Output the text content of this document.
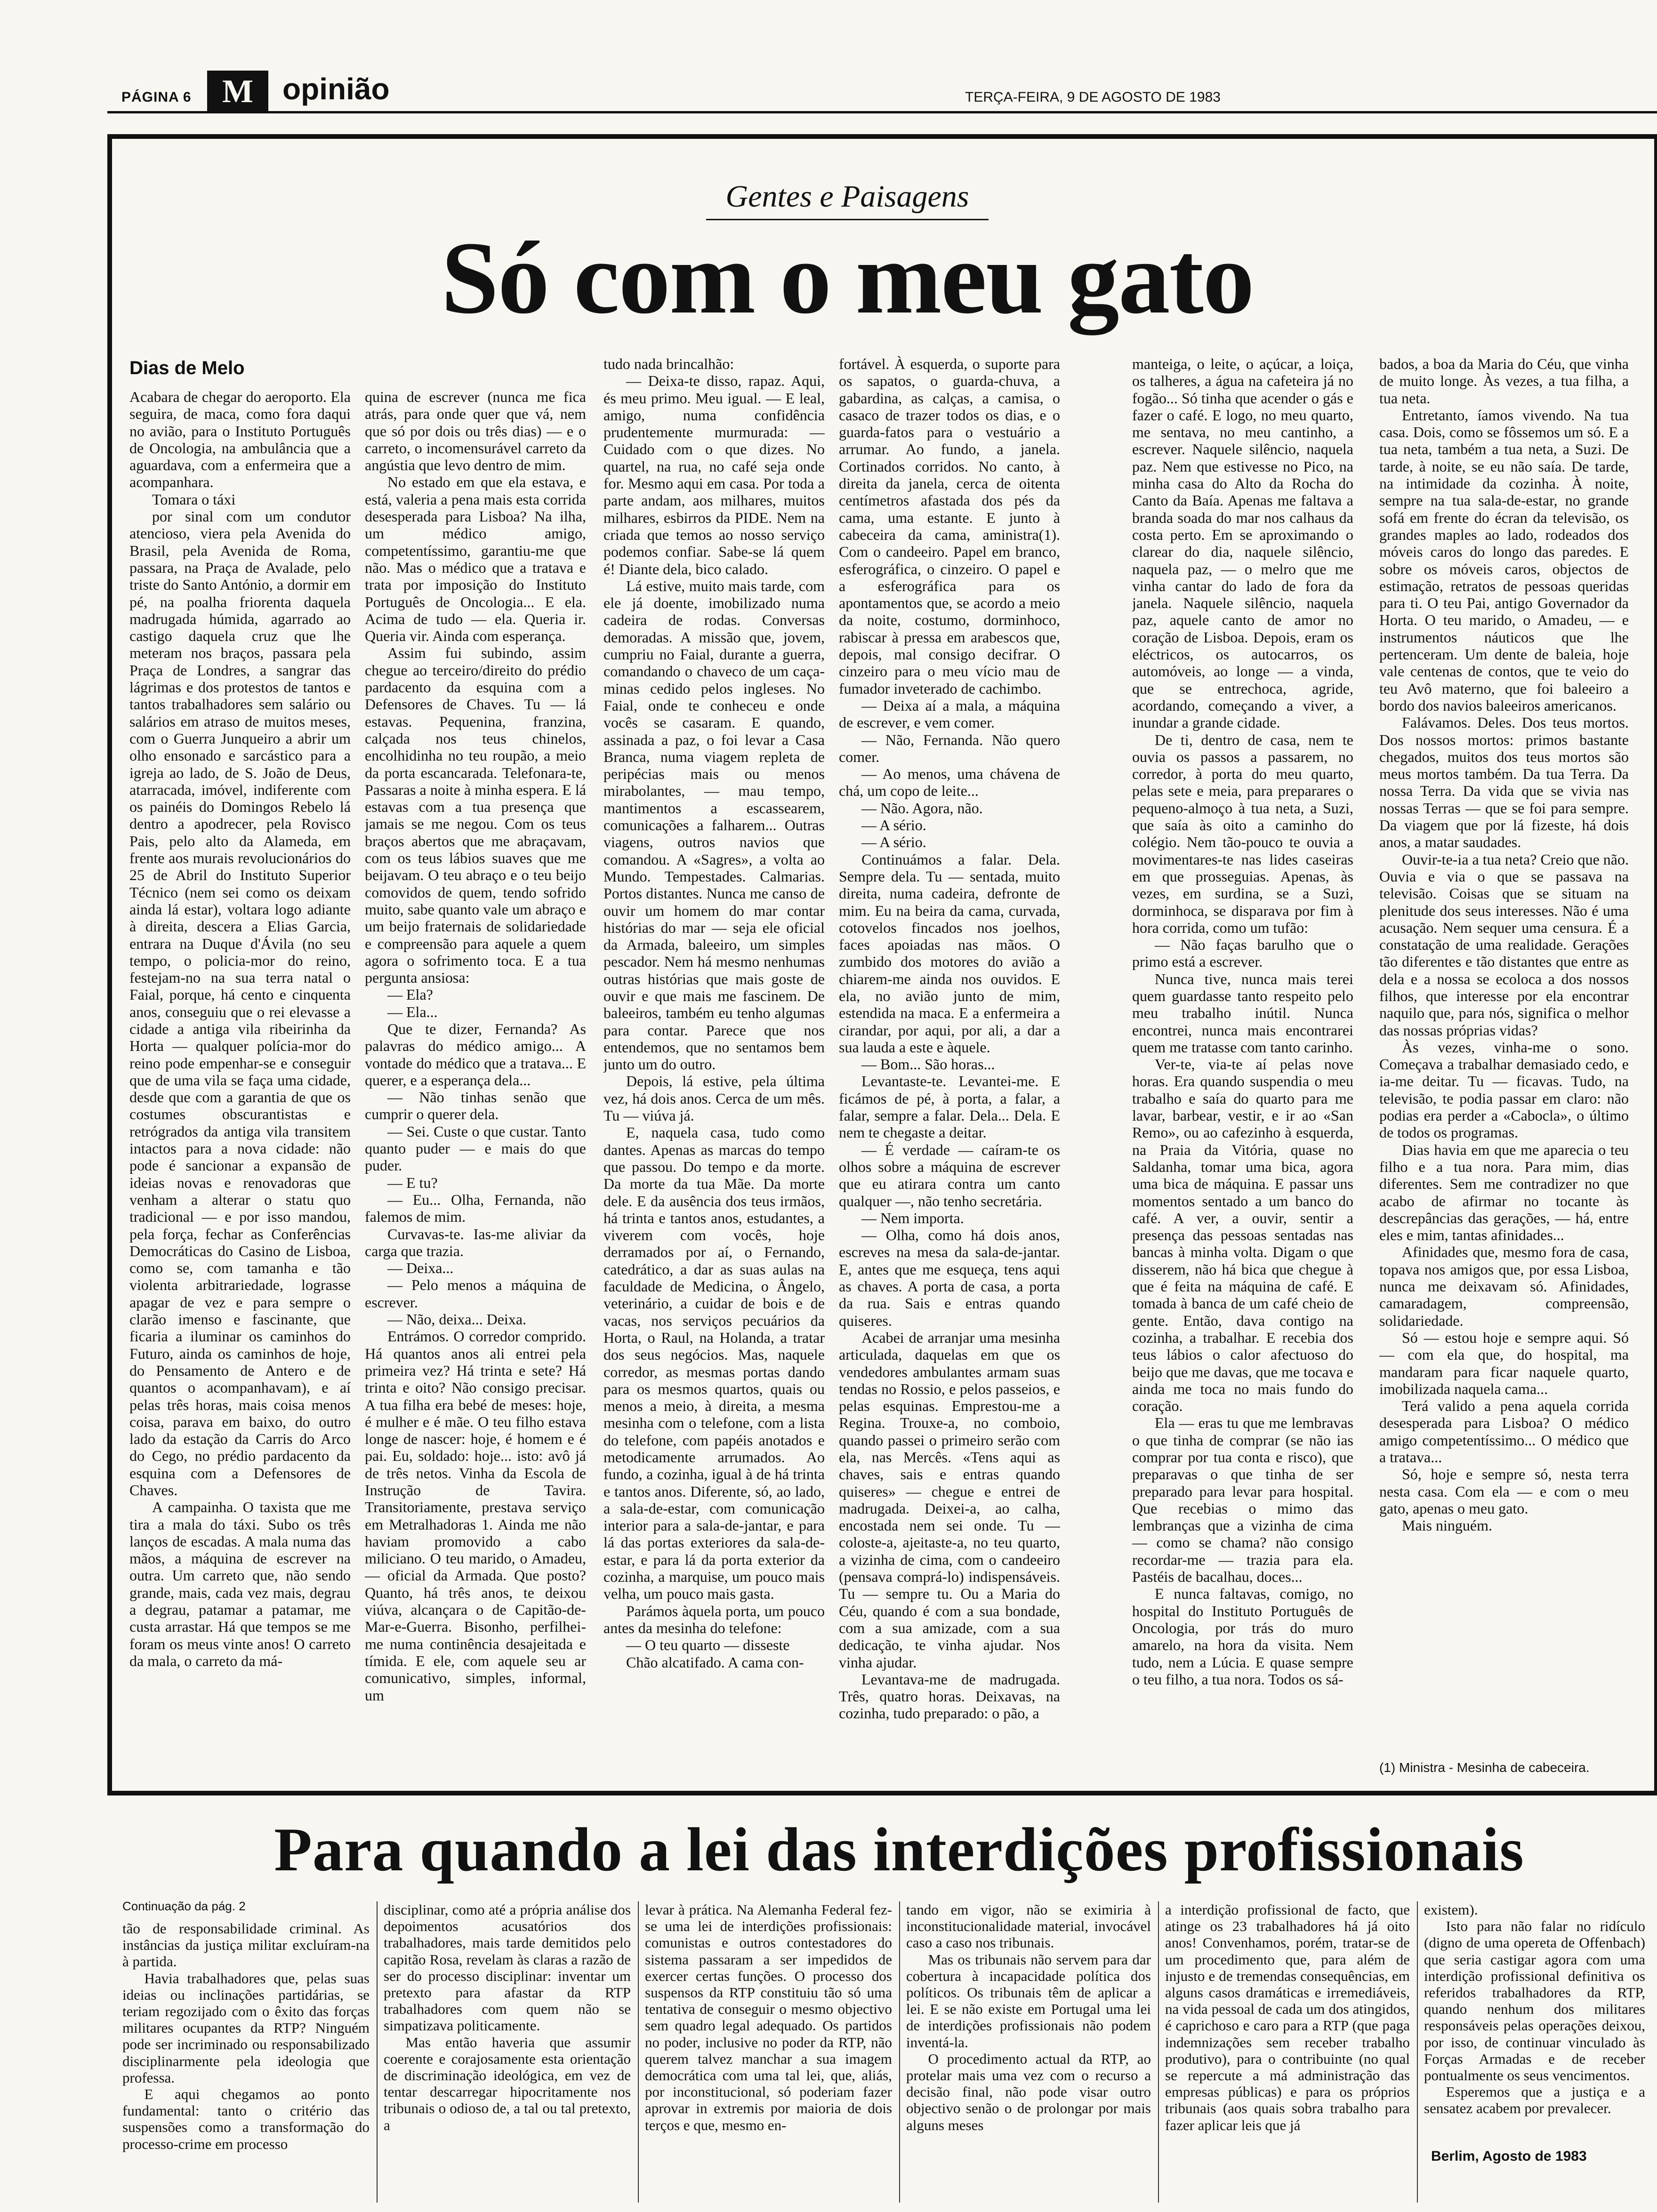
PÁGINA 6 M opinião	TERÇA-FEIRA, 9 DE AGOSTO DE 1983
Gentes e Paisagens
Só com o meu gato
Dias de Melo

Acabara de chegar do aeroporto. Ela seguira, de maca, como fora daqui no avião, para o Instituto Português de Oncologia, na ambulância que a aguardava, com a enfermeira que a acompanhara.

Tomara o táxi

por sinal com um condutor atencioso, viera pela Avenida do Brasil, pela Avenida de Roma, passara, na Praça de Avalade, pelo triste do Santo António, a dormir em pé, na poalha friorenta daquela madrugada húmida, agarrado ao castigo daquela cruz que lhe meteram nos braços, passara pela Praça de Londres, a sangrar das lágrimas e dos protestos de tantos e tantos trabalhadores sem salário ou salários em atraso de muitos meses, com o Guerra Junqueiro a abrir um olho ensonado e sarcástico para a igreja ao lado, de S. João de Deus, atarracada, imóvel, indiferente com os painéis do Domingos Rebelo lá dentro a apodrecer, pela Rovisco Pais, pelo alto da Alameda, em frente aos murais revolucionários do 25 de Abril do Instituto Superior Técnico (nem sei como os deixam ainda lá estar), voltara logo adiante à direita, descera a Elias Garcia, entrara na Duque d'Ávila (no seu tempo, o policia-mor do reino, festejam-no na sua terra natal o Faial, porque, há cento e cinquenta anos, conseguiu que o rei elevasse a cidade a antiga vila ribeirinha da Horta — qualquer polícia-mor do reino pode empenhar-se e conseguir que de uma vila se faça uma cidade, desde que com a garantia de que os costumes obscurantistas e retrógrados da antiga vila transitem intactos para a nova cidade: não pode é sancionar a expansão de ideias novas e renovadoras que venham a alterar o statu quo tradicional — e por isso mandou, pela força, fechar as Conferências Democráticas do Casino de Lisboa, como se, com tamanha e tão violenta arbitrariedade, lograsse apagar de vez e para sempre o clarão imenso e fascinante, que ficaria a iluminar os caminhos do Futuro, ainda os caminhos de hoje, do Pensamento de Antero e de quantos o acompanhavam), e aí pelas três horas, mais coisa menos coisa, parava em baixo, do outro lado da estação da Carris do Arco do Cego, no prédio pardacento da esquina com a Defensores de Chaves.

A campainha. O taxista que me tira a mala do táxi. Subo os três lanços de escadas. A mala numa das mãos, a máquina de escrever na outra. Um carreto que, não sendo grande, mais, cada vez mais, degrau a degrau, patamar a patamar, me custa arrastar. Há que tempos se me foram os meus vinte anos! O carreto da mala, o carreto da má-

quina de escrever (nunca me fica atrás, para onde quer que vá, nem que só por dois ou três dias) — e o carreto, o incomensurável carreto da angústia que levo dentro de mim.

No estado em que ela estava, e está, valeria a pena mais esta corrida desesperada para Lisboa? Na ilha, um médico amigo, competentíssimo, garantiu-me que não. Mas o médico que a tratava e trata por imposição do Instituto Português de Oncologia... E ela. Acima de tudo — ela. Queria ir. Queria vir. Ainda com esperança.

Assim fui subindo, assim chegue ao terceiro/direito do prédio pardacento da esquina com a Defensores de Chaves. Tu — lá estavas. Pequenina, franzina, calçada nos teus chinelos, encolhidinha no teu roupão, a meio da porta escancarada. Telefonara-te, Passaras a noite à minha espera. E lá estavas com a tua presença que jamais se me negou. Com os teus braços abertos que me abraçavam, com os teus lábios suaves que me beijavam. O teu abraço e o teu beijo comovidos de quem, tendo sofrido muito, sabe quanto vale um abraço e um beijo fraternais de solidariedade e compreensão para aquele a quem agora o sofrimento toca. E a tua pergunta ansiosa:

— Ela?

— Ela...

Que te dizer, Fernanda? As palavras do médico amigo... A vontade do médico que a tratava... E querer, e a esperança dela...

— Não tinhas senão que cumprir o querer dela.

— Sei. Custe o que custar. Tanto quanto puder — e mais do que puder.

— E tu?

— Eu... Olha, Fernanda, não falemos de mim.

Curvavas-te. Ias-me aliviar da carga que trazia.

— Deixa...

— Pelo menos a máquina de escrever.

— Não, deixa... Deixa.

Entrámos. O corredor comprido. Há quantos anos ali entrei pela primeira vez? Há trinta e sete? Há trinta e oito? Não consigo precisar. A tua filha era bebé de meses: hoje, é mulher e é mãe. O teu filho estava longe de nascer: hoje, é homem e é pai. Eu, soldado: hoje... isto: avô já de três netos. Vinha da Escola de Instrução de Tavira. Transitoriamente, prestava serviço em Metralhadoras 1. Ainda me não haviam promovido a cabo miliciano. O teu marido, o Amadeu, — oficial da Armada. Que posto? Quanto, há três anos, te deixou viúva, alcançara o de Capitão-de-Mar-e-Guerra. Bisonho, perfilhei-me numa continência desajeitada e tímida. E ele, com aquele seu ar comunicativo, simples, informal, um

tudo nada brincalhão:

— Deixa-te disso, rapaz. Aqui, és meu primo. Meu igual. — E leal, amigo, numa confidência prudentemente murmurada: — Cuidado com o que dizes. No quartel, na rua, no café seja onde for. Mesmo aqui em casa. Por toda a parte andam, aos milhares, muitos milhares, esbirros da PIDE. Nem na criada que temos ao nosso serviço podemos confiar. Sabe-se lá quem é! Diante dela, bico calado.

Lá estive, muito mais tarde, com ele já doente, imobilizado numa cadeira de rodas. Conversas demoradas. A missão que, jovem, cumpriu no Faial, durante a guerra, comandando o chaveco de um caça-minas cedido pelos ingleses. No Faial, onde te conheceu e onde vocês se casaram. E quando, assinada a paz, o foi levar a Casa Branca, numa viagem repleta de peripécias mais ou menos mirabolantes, — mau tempo, mantimentos a escassearem, comunicações a falharem... Outras viagens, outros navios que comandou. A «Sagres», a volta ao Mundo. Tempestades. Calmarias. Portos distantes. Nunca me canso de ouvir um homem do mar contar histórias do mar — seja ele oficial da Armada, baleeiro, um simples pescador. Nem há mesmo nenhumas outras histórias que mais goste de ouvir e que mais me fascinem. De baleeiros, também eu tenho algumas para contar. Parece que nos entendemos, que no sentamos bem junto um do outro.

Depois, lá estive, pela última vez, há dois anos. Cerca de um mês. Tu — viúva já.

E, naquela casa, tudo como dantes. Apenas as marcas do tempo que passou. Do tempo e da morte. Da morte da tua Mãe. Da morte dele. E da ausência dos teus irmãos, há trinta e tantos anos, estudantes, a viverem com vocês, hoje derramados por aí, o Fernando, catedrático, a dar as suas aulas na faculdade de Medicina, o Ângelo, veterinário, a cuidar de bois e de vacas, nos serviços pecuários da Horta, o Raul, na Holanda, a tratar dos seus negócios. Mas, naquele corredor, as mesmas portas dando para os mesmos quartos, quais ou menos a meio, à direita, a mesma mesinha com o telefone, com a lista do telefone, com papéis anotados e metodicamente arrumados. Ao fundo, a cozinha, igual à de há trinta e tantos anos. Diferente, só, ao lado, a sala-de-estar, com comunicação interior para a sala-de-jantar, e para lá das portas exteriores da sala-de-estar, e para lá da porta exterior da cozinha, a marquise, um pouco mais velha, um pouco mais gasta.

Parámos àquela porta, um pouco antes da mesinha do telefone:

— O teu quarto — disseste

Chão alcatifado. A cama con-

fortável. À esquerda, o suporte para os sapatos, o guarda-chuva, a gabardina, as calças, a camisa, o casaco de trazer todos os dias, e o guarda-fatos para o vestuário a arrumar. Ao fundo, a janela. Cortinados corridos. No canto, à direita da janela, cerca de oitenta centímetros afastada dos pés da cama, uma estante. E junto à cabeceira da cama, aministra(1). Com o candeeiro. Papel em branco, esferográfica, o cinzeiro. O papel e a esferográfica para os apontamentos que, se acordo a meio da noite, costumo, dorminhoco, rabiscar à pressa em arabescos que, depois, mal consigo decifrar. O cinzeiro para o meu vício mau de fumador inveterado de cachimbo.

— Deixa aí a mala, a máquina de escrever, e vem comer.

— Não, Fernanda. Não quero comer.

— Ao menos, uma chávena de chá, um copo de leite...

— Não. Agora, não.

— A sério.

— A sério.

Continuámos a falar. Dela. Sempre dela. Tu — sentada, muito direita, numa cadeira, defronte de mim. Eu na beira da cama, curvada, cotovelos fincados nos joelhos, faces apoiadas nas mãos. O zumbido dos motores do avião a chiarem-me ainda nos ouvidos. E ela, no avião junto de mim, estendida na maca. E a enfermeira a cirandar, por aqui, por ali, a dar a sua lauda a este e àquele.

— Bom... São horas...

Levantaste-te. Levantei-me. E ficámos de pé, à porta, a falar, a falar, sempre a falar. Dela... Dela. E nem te chegaste a deitar.

— É verdade — caíram-te os olhos sobre a máquina de escrever que eu atirara contra um canto qualquer —, não tenho secretária.

— Nem importa.

— Olha, como há dois anos, escreves na mesa da sala-de-jantar. E, antes que me esqueça, tens aqui as chaves. A porta de casa, a porta da rua. Sais e entras quando quiseres.

Acabei de arranjar uma mesinha articulada, daquelas em que os vendedores ambulantes armam suas tendas no Rossio, e pelos passeios, e pelas esquinas. Emprestou-me a Regina. Trouxe-a, no comboio, quando passei o primeiro serão com ela, nas Mercês. «Tens aqui as chaves, sais e entras quando quiseres» — chegue e entrei de madrugada. Deixei-a, ao calha, encostada nem sei onde. Tu — coloste-a, ajeitaste-a, no teu quarto, a vizinha de cima, com o candeeiro (pensava comprá-lo) indispensáveis. Tu — sempre tu. Ou a Maria do Céu, quando é com a sua bondade, com a sua amizade, com a sua dedicação, te vinha ajudar. Nos vinha ajudar.

Levantava-me de madrugada. Três, quatro horas. Deixavas, na cozinha, tudo preparado: o pão, a

manteiga, o leite, o açúcar, a loiça, os talheres, a água na cafeteira já no fogão... Só tinha que acender o gás e fazer o café. E logo, no meu quarto, me sentava, no meu cantinho, a escrever. Naquele silêncio, naquela paz. Nem que estivesse no Pico, na minha casa do Alto da Rocha do Canto da Baía. Apenas me faltava a branda soada do mar nos calhaus da costa perto. Em se aproximando o clarear do dia, naquele silêncio, naquela paz, — o melro que me vinha cantar do lado de fora da janela. Naquele silêncio, naquela paz, aquele canto de amor no coração de Lisboa. Depois, eram os eléctricos, os autocarros, os automóveis, ao longe — a vinda, que se entrechoca, agride, acordando, começando a viver, a inundar a grande cidade.

De ti, dentro de casa, nem te ouvia os passos a passarem, no corredor, à porta do meu quarto, pelas sete e meia, para preparares o pequeno-almoço à tua neta, a Suzi, que saía às oito a caminho do colégio. Nem tão-pouco te ouvia a movimentares-te nas lides caseiras em que prosseguias. Apenas, às vezes, em surdina, se a Suzi, dorminhoca, se disparava por fim à hora corrida, como um tufão:

— Não faças barulho que o primo está a escrever.

Nunca tive, nunca mais terei quem guardasse tanto respeito pelo meu trabalho inútil. Nunca encontrei, nunca mais encontrarei quem me tratasse com tanto carinho.

Ver-te, via-te aí pelas nove horas. Era quando suspendia o meu trabalho e saía do quarto para me lavar, barbear, vestir, e ir ao «San Remo», ou ao cafezinho à esquerda, na Praia da Vitória, quase no Saldanha, tomar uma bica, agora uma bica de máquina. E passar uns momentos sentado a um banco do café. A ver, a ouvir, sentir a presença das pessoas sentadas nas bancas à minha volta. Digam o que disserem, não há bica que chegue à que é feita na máquina de café. E tomada à banca de um café cheio de gente. Então, dava contigo na cozinha, a trabalhar. E recebia dos teus lábios o calor afectuoso do beijo que me davas, que me tocava e ainda me toca no mais fundo do coração.

Ela — eras tu que me lembravas o que tinha de comprar (se não ias comprar por tua conta e risco), que preparavas o que tinha de ser preparado para levar para hospital. Que recebias o mimo das lembranças que a vizinha de cima — como se chama? não consigo recordar-me — trazia para ela. Pastéis de bacalhau, doces...

E nunca faltavas, comigo, no hospital do Instituto Português de Oncologia, por trás do muro amarelo, na hora da visita. Nem tudo, nem a Lúcia. E quase sempre o teu filho, a tua nora. Todos os sá-

bados, a boa da Maria do Céu, que vinha de muito longe. Às vezes, a tua filha, a tua neta.

Entretanto, íamos vivendo. Na tua casa. Dois, como se fôssemos um só. E a tua neta, também a tua neta, a Suzi. De tarde, à noite, se eu não saía. De tarde, na intimidade da cozinha. À noite, sempre na tua sala-de-estar, no grande sofá em frente do écran da televisão, os grandes maples ao lado, rodeados dos móveis caros do longo das paredes. E sobre os móveis caros, objectos de estimação, retratos de pessoas queridas para ti. O teu Pai, antigo Governador da Horta. O teu marido, o Amadeu, — e instrumentos náuticos que lhe pertenceram. Um dente de baleia, hoje vale centenas de contos, que te veio do teu Avô materno, que foi baleeiro a bordo dos navios baleeiros americanos.

Falávamos. Deles. Dos teus mortos. Dos nossos mortos: primos bastante chegados, muitos dos teus mortos são meus mortos também. Da tua Terra. Da nossa Terra. Da vida que se vivia nas nossas Terras — que se foi para sempre. Da viagem que por lá fizeste, há dois anos, a matar saudades.

Ouvir-te-ia a tua neta? Creio que não. Ouvia e via o que se passava na televisão. Coisas que se situam na plenitude dos seus interesses. Não é uma acusação. Nem sequer uma censura. É a constatação de uma realidade. Gerações tão diferentes e tão distantes que entre as dela e a nossa se ecoloca a dos nossos filhos, que interesse por ela encontrar naquilo que, para nós, significa o melhor das nossas próprias vidas?

Às vezes, vinha-me o sono. Começava a trabalhar demasiado cedo, e ia-me deitar. Tu — ficavas. Tudo, na televisão, te podia passar em claro: não podias era perder a «Cabocla», o último de todos os programas.

Dias havia em que me aparecia o teu filho e a tua nora. Para mim, dias diferentes. Sem me contradizer no que acabo de afirmar no tocante às descrepâncias das gerações, — há, entre eles e mim, tantas afinidades...

Afinidades que, mesmo fora de casa, topava nos amigos que, por essa Lisboa, nunca me deixavam só. Afinidades, camaradagem, compreensão, solidariedade.

Só — estou hoje e sempre aqui. Só — com ela que, do hospital, ma mandaram para ficar naquele quarto, imobilizada naquela cama...

Terá valido a pena aquela corrida desesperada para Lisboa? O médico amigo competentíssimo... O médico que a tratava...

Só, hoje e sempre só, nesta terra nesta casa. Com ela — e com o meu gato, apenas o meu gato.

Mais ninguém.

(1) Ministra - Mesinha de cabeceira.
Para quando a lei das interdições profissionais
Continuação da pág. 2

tão de responsabilidade criminal. As instâncias da justiça militar excluíram-na à partida.

Havia trabalhadores que, pelas suas ideias ou inclinações partidárias, se teriam regozijado com o êxito das forças militares ocupantes da RTP? Ninguém pode ser incriminado ou responsabilizado disciplinarmente pela ideologia que professa.

E aqui chegamos ao ponto fundamental: tanto o critério das suspensões como a transformação do processo-crime em processo

disciplinar, como até a própria análise dos depoimentos acusatórios dos trabalhadores, mais tarde demitidos pelo capitão Rosa, revelam às claras a razão de ser do processo disciplinar: inventar um pretexto para afastar da RTP trabalhadores com quem não se simpatizava politicamente.

Mas então haveria que assumir coerente e corajosamente esta orientação de discriminação ideológica, em vez de tentar descarregar hipocritamente nos tribunais o odioso de, a tal ou tal pretexto, a

levar à prática. Na Alemanha Federal fez-se uma lei de interdições profissionais: comunistas e outros contestadores do sistema passaram a ser impedidos de exercer certas funções. O processo dos suspensos da RTP constituiu tão só uma tentativa de conseguir o mesmo objectivo sem quadro legal adequado. Os partidos no poder, inclusive no poder da RTP, não querem talvez manchar a sua imagem democrática com uma tal lei, que, aliás, por inconstitucional, só poderiam fazer aprovar in extremis por maioria de dois terços e que, mesmo en-

tando em vigor, não se eximiria à inconstitucionalidade material, invocável caso a caso nos tribunais.

Mas os tribunais não servem para dar cobertura à incapacidade política dos políticos. Os tribunais têm de aplicar a lei. E se não existe em Portugal uma lei de interdições profissionais não podem inventá-la.

O procedimento actual da RTP, ao protelar mais uma vez com o recurso a decisão final, não pode visar outro objectivo senão o de prolongar por mais alguns meses

a interdição profissional de facto, que atinge os 23 trabalhadores há já oito anos! Convenhamos, porém, tratar-se de um procedimento que, para além de injusto e de tremendas consequências, em alguns casos dramáticas e irremediáveis, na vida pessoal de cada um dos atingidos, é caprichoso e caro para a RTP (que paga indemnizações sem receber trabalho produtivo), para o contribuinte (no qual se repercute a má administração das empresas públicas) e para os próprios tribunais (aos quais sobra trabalho para fazer aplicar leis que já

existem).

Isto para não falar no ridículo (digno de uma opereta de Offenbach) que seria castigar agora com uma interdição profissional definitiva os referidos trabalhadores da RTP, quando nenhum dos militares responsáveis pelas operações deixou, por isso, de continuar vinculado às Forças Armadas e de receber pontualmente os seus vencimentos.

Esperemos que a justiça e a sensatez acabem por prevalecer.

Berlim, Agosto de 1983
